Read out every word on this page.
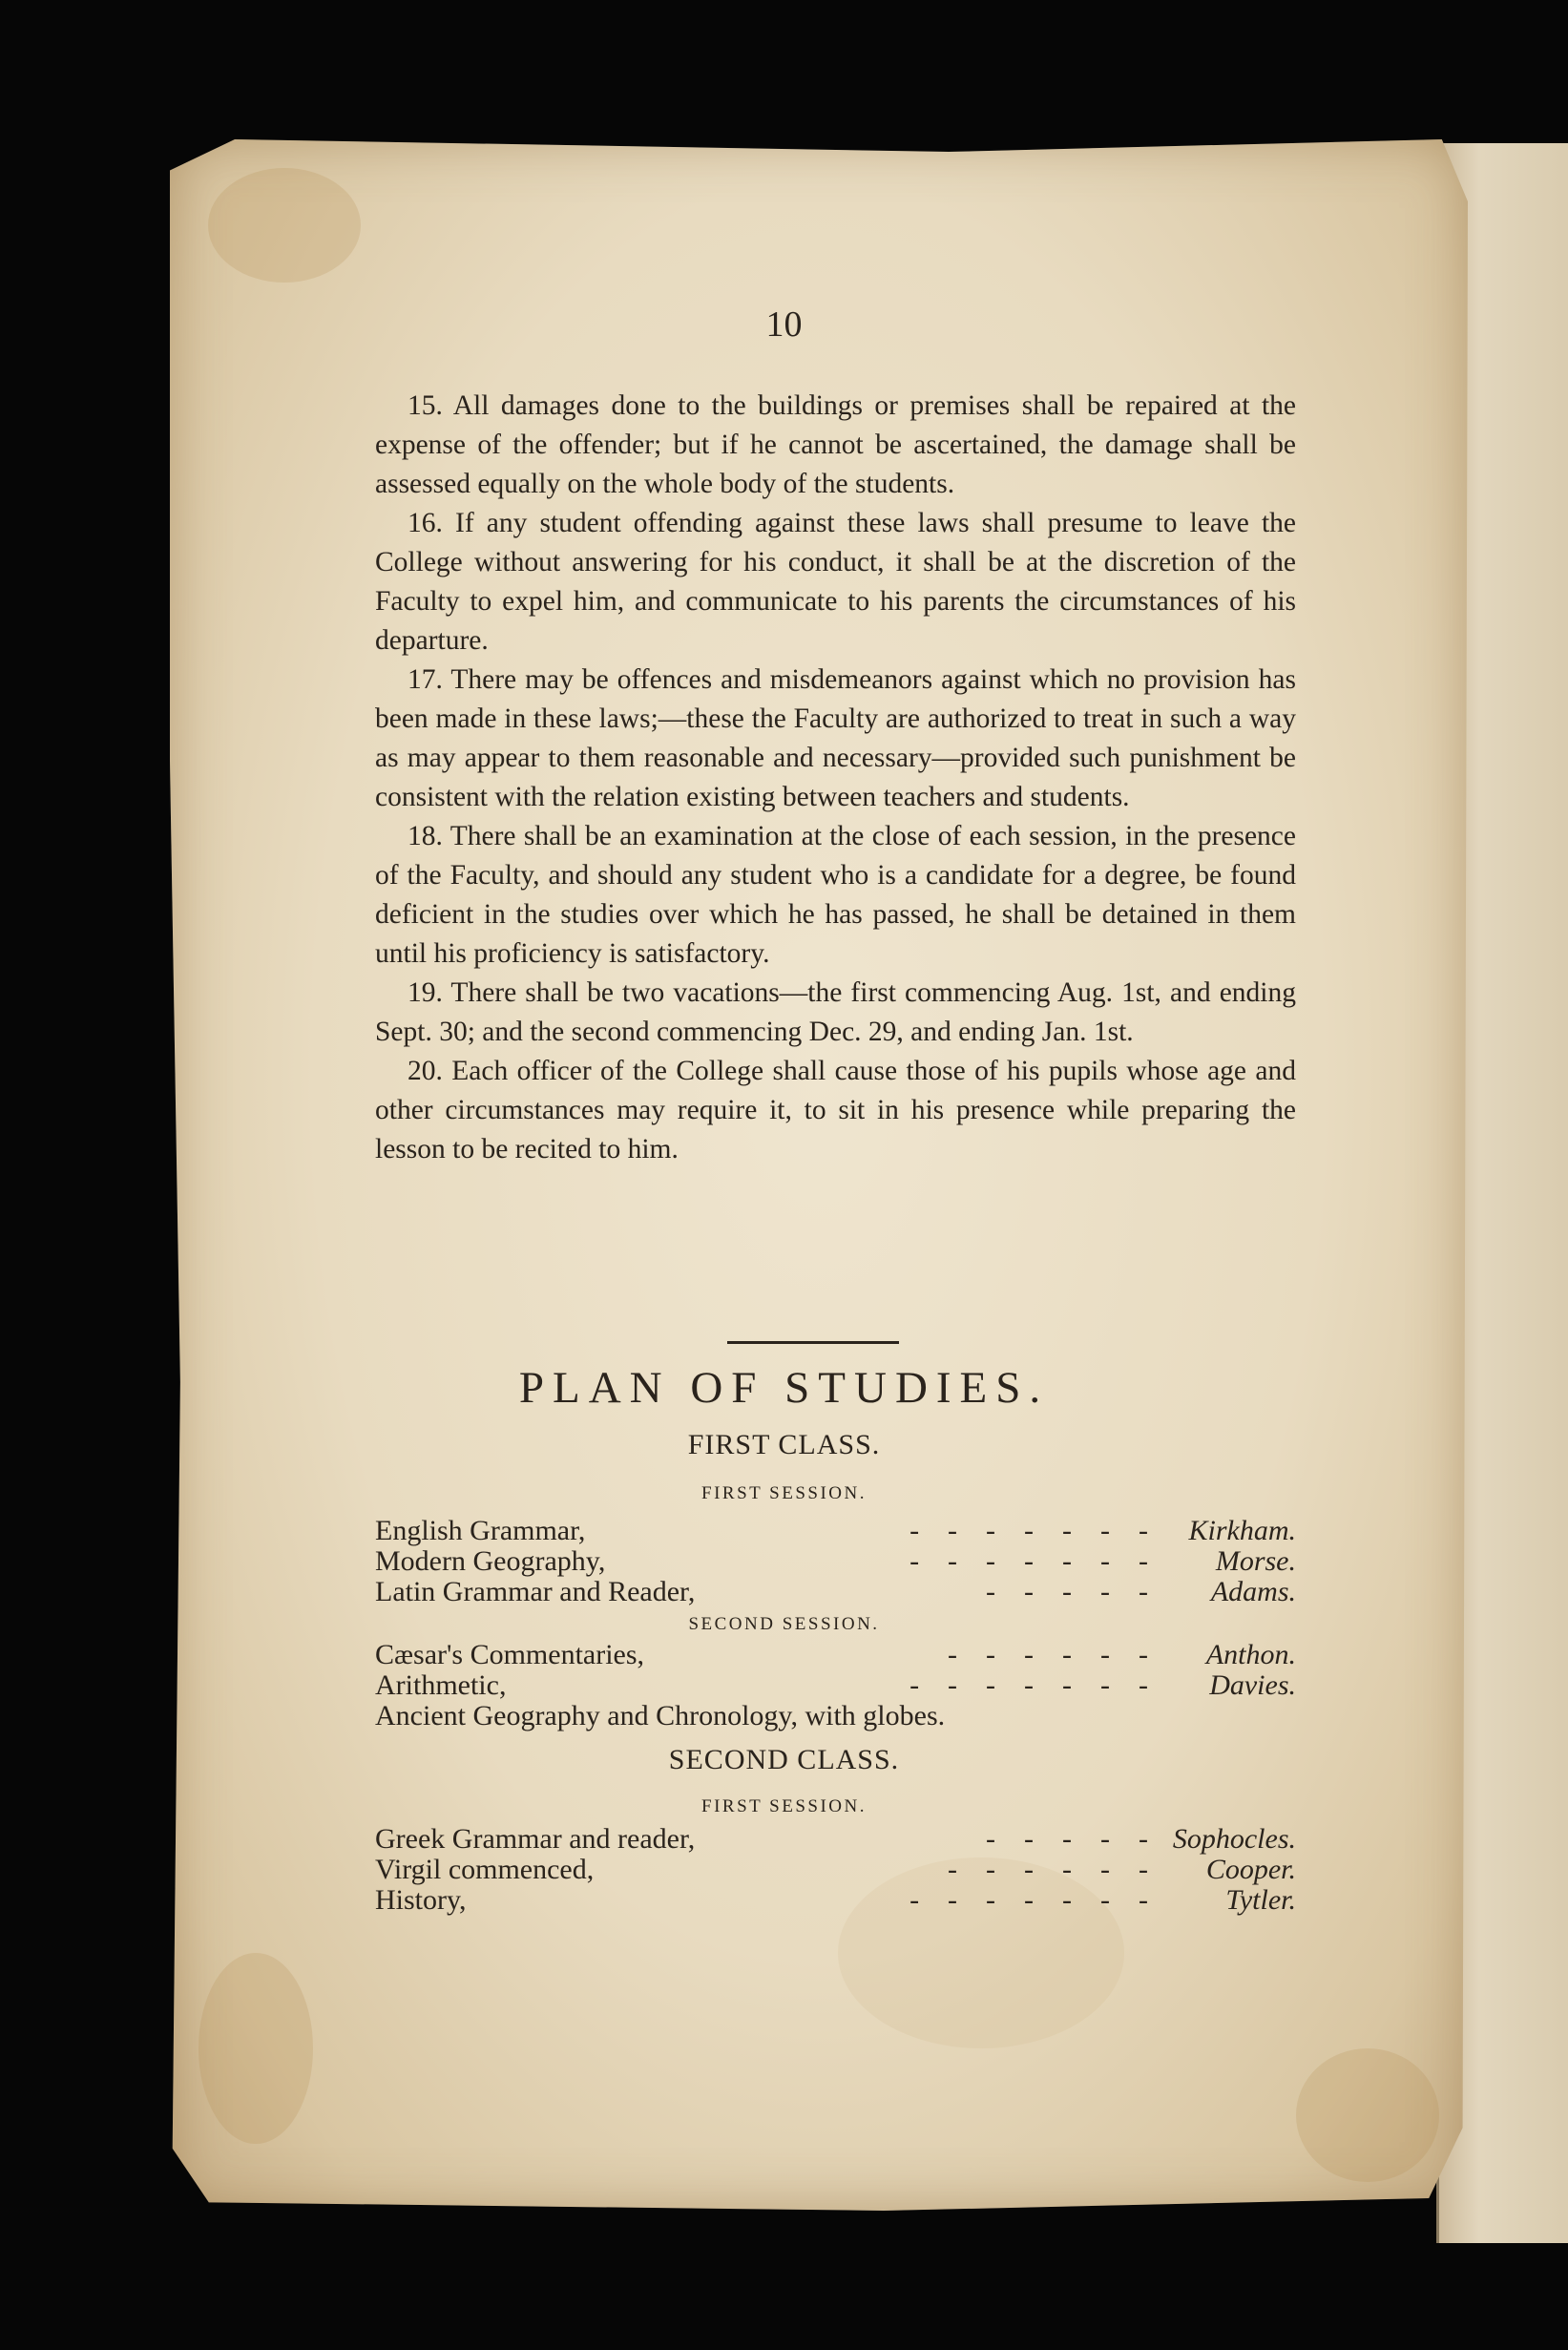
10

15. All damages done to the buildings or premises shall be repaired at the expense of the offender; but if he cannot be ascertained, the damage shall be assessed equally on the whole body of the students.

16. If any student offending against these laws shall presume to leave the College without answering for his conduct, it shall be at the discretion of the Faculty to expel him, and communicate to his parents the circumstances of his departure.

17. There may be offences and misdemeanors against which no provision has been made in these laws;—these the Faculty are authorized to treat in such a way as may appear to them reasonable and necessary—provided such punishment be consistent with the relation existing between teachers and students.

18. There shall be an examination at the close of each session, in the presence of the Faculty, and should any student who is a candidate for a degree, be found deficient in the studies over which he has passed, he shall be detained in them until his proficiency is satisfactory.

19. There shall be two vacations—the first commencing Aug. 1st, and ending Sept. 30; and the second commencing Dec. 29, and ending Jan. 1st.

20. Each officer of the College shall cause those of his pupils whose age and other circumstances may require it, to sit in his presence while preparing the lesson to be recited to him.

PLAN OF STUDIES.
FIRST CLASS.
FIRST SESSION.
English Grammar,	-    -    -    -    -    -    - Kirkham.
Modern Geography,	-    -    -    -    -    -    - Morse.
Latin Grammar and Reader,	-    -    -    -    - Adams.
SECOND SESSION.
Cæsar's Commentaries,	-    -    -    -    -    - Anthon.
Arithmetic,	-    -    -    -    -    -    - Davies.
Ancient Geography and Chronology, with globes.
SECOND CLASS.
FIRST SESSION.
Greek Grammar and reader,	-    -    -    -    - Sophocles.
Virgil commenced,	-    -    -    -    -    - Cooper.
History,	-    -    -    -    -    -    -	Tytler.
